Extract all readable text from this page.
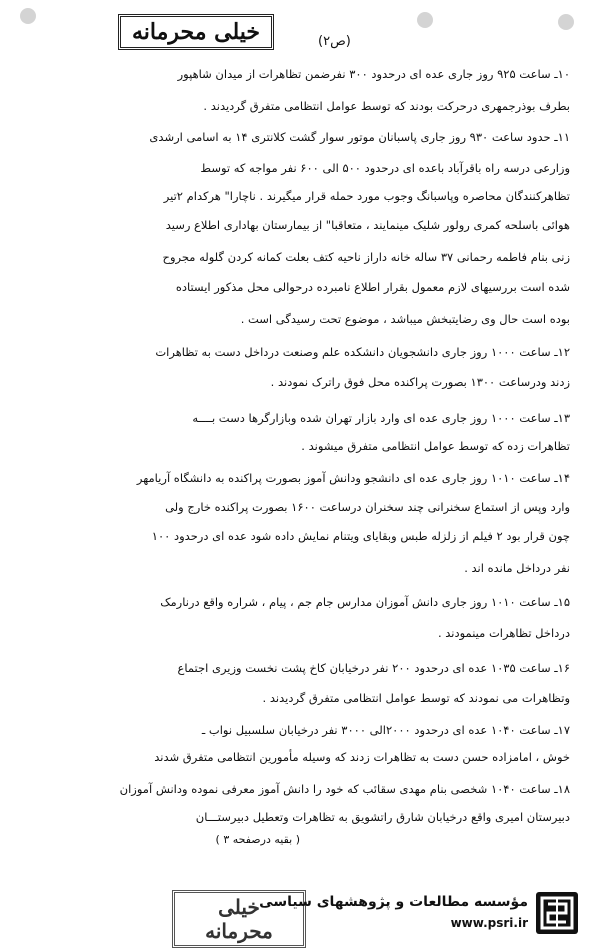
خیلی محرمانه	(ص۲)
۱۰ـ ساعت ۹۲۵ روز جاری عده ای درحدود ۳۰۰ نفرضمن تظاهرات از میدان شاهپور
بطرف بوذرجمهری درحرکت بودند که توسط عوامل انتظامی متفرق گردیدند .
۱۱ـ حدود ساعت ۹۳۰ روز جاری پاسبانان موتور سوار گشت کلانتری ۱۴ به اسامی ارشدی
وزارعی درسه راه باقرآباد باعده ای درحدود ۵۰۰ الی ۶۰۰ نفر مواجه که توسط
تظاهرکنندگان محاصره وپاسبانگ وجوب مورد حمله قرار میگیرند . ناچارا" هرکدام ۲تیر
هوائی باسلحه کمری رولور شلیک مینمایند ، متعاقبا" از بیمارستان بهاداری اطلاع رسید
زنی بنام فاطمه رحمانی ۳۷ ساله خانه داراز ناحیه کتف بعلت کمانه کردن گلوله مجروح
شده است بررسیهای لازم معمول بقرار اطلاع نامبرده درحوالی محل مذکور ایستاده
بوده است حال وی رضایتبخش میباشد ، موضوع تحت رسیدگی است .
۱۲ـ ساعت ۱۰۰۰ روز جاری دانشجویان دانشکده علم وصنعت درداخل دست به تظاهرات
زدند ودرساعت ۱۳۰۰ بصورت پراکنده محل فوق راترک نمودند .
۱۳ـ ساعت ۱۰۰۰ روز جاری عده ای وارد بازار تهران شده وبازارگرها دست بــــه
تظاهرات زده که توسط عوامل انتظامی متفرق میشوند .
۱۴ـ ساعت ۱۰۱۰ روز جاری عده ای دانشجو ودانش آموز بصورت پراکنده به دانشگاه آریامهر
وارد وپس از استماع سخنرانی چند سخنران درساعت ۱۶۰۰ بصورت پراکنده خارج ولی
چون قرار بود ۲ فیلم از زلزله طبس وبقایای ویتنام نمایش داده شود عده ای درحدود ۱۰۰
نفر درداخل مانده اند .
۱۵ـ ساعت ۱۰۱۰ روز جاری دانش آموزان مدارس جام جم ، پیام ، شراره واقع درنارمک
درداخل تظاهرات مینمودند .
۱۶ـ ساعت ۱۰۳۵ عده ای درحدود ۲۰۰ نفر درخیابان کاخ پشت نخست وزیری اجتماع
وتظاهرات می نمودند که توسط عوامل انتظامی متفرق گردیدند .
۱۷ـ ساعت ۱۰۴۰ عده ای درحدود ۲۰۰۰الی ۳۰۰۰ نفر درخیابان سلسبیل نواب ـ
خوش ، امامزاده حسن دست به تظاهرات زدند که وسیله مأمورین انتظامی متفرق شدند
۱۸ـ ساعت ۱۰۴۰ شخصی بنام مهدی سقائب که خود را دانش آموز معرفی نموده ودانش آموزان
دبیرستان امیری واقع درخیابان شارق راتشویق به تظاهرات وتعطیل دبیرستـــان
( بقیه درصفحه ۳ )
خیلی محرمانه
مؤسسه مطالعات و پژوهشهای سیاسی
www.psri.ir
